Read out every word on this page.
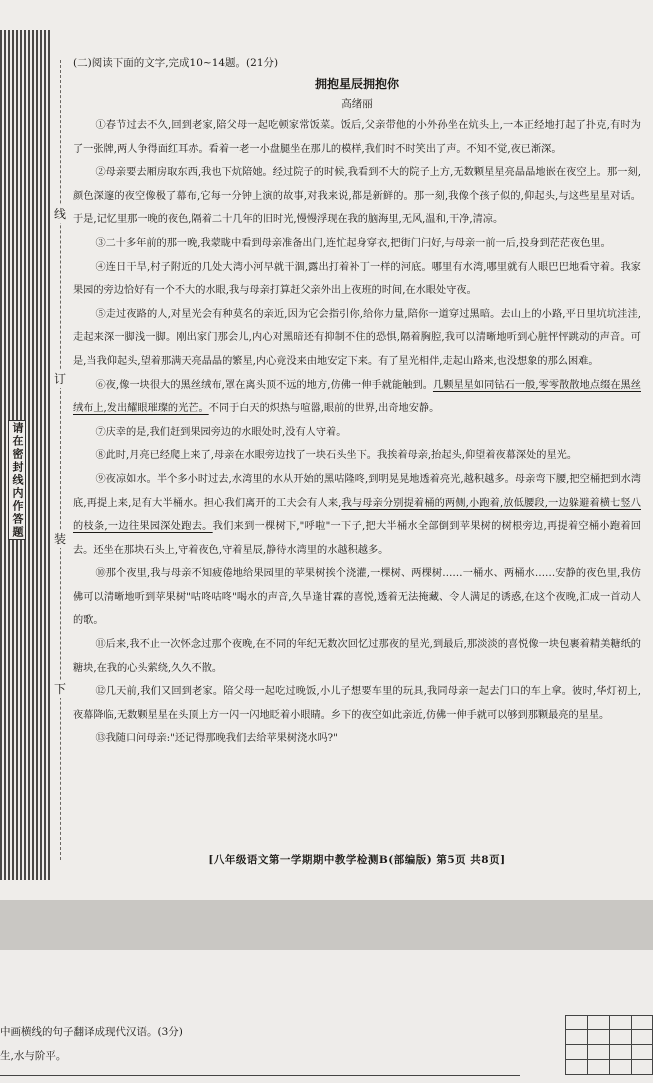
请在密封线内作答题
线
订
装
下
(二)阅读下面的文字,完成10~14题。(21分)
拥抱星辰拥抱你
高绪丽

①春节过去不久,回到老家,陪父母一起吃顿家常饭菜。饭后,父亲带他的小外孙坐在炕头上,一本正经地打起了扑克,有时为了一张牌,两人争得面红耳赤。看着一老一小盘腿坐在那儿的模样,我们时不时笑出了声。不知不觉,夜已渐深。

②母亲要去厢房取东西,我也下炕陪她。经过院子的时候,我看到不大的院子上方,无数颗星星亮晶晶地嵌在夜空上。那一刻,颜色深邃的夜空像极了幕布,它每一分钟上演的故事,对我来说,都是新鲜的。那一刻,我像个孩子似的,仰起头,与这些星星对话。于是,记忆里那一晚的夜色,隔着二十几年的旧时光,慢慢浮现在我的脑海里,无风,温和,干净,清凉。

③二十多年前的那一晚,我蒙眬中看到母亲准备出门,连忙起身穿衣,把街门闩好,与母亲一前一后,投身到茫茫夜色里。

④连日干旱,村子附近的几处大湾小河早就干涸,露出打着补丁一样的河底。哪里有水湾,哪里就有人眼巴巴地看守着。我家果园的旁边恰好有一个不大的水眼,我与母亲打算赶父亲外出上夜班的时间,在水眼处守夜。

⑤走过夜路的人,对星光会有种莫名的亲近,因为它会指引你,给你力量,陪你一道穿过黑暗。去山上的小路,平日里坑坑洼洼,走起来深一脚浅一脚。刚出家门那会儿,内心对黑暗还有抑制不住的恐惧,隔着胸腔,我可以清晰地听到心脏怦怦跳动的声音。可是,当我仰起头,望着那满天亮晶晶的繁星,内心竟没来由地安定下来。有了星光相伴,走起山路来,也没想象的那么困难。

⑥夜,像一块很大的黑丝绒布,罩在离头顶不远的地方,仿佛一伸手就能触到。几颗星星如同钻石一般,零零散散地点缀在黑丝绒布上,发出耀眼璀璨的光芒。不同于白天的炽热与喧嚣,眼前的世界,出奇地安静。

⑦庆幸的是,我们赶到果园旁边的水眼处时,没有人守着。

⑧此时,月亮已经爬上来了,母亲在水眼旁边找了一块石头坐下。我挨着母亲,抬起头,仰望着夜幕深处的星光。

⑨夜凉如水。半个多小时过去,水湾里的水从开始的黑咕隆咚,到明晃晃地透着亮光,越积越多。母亲弯下腰,把空桶把到水湾底,再提上来,足有大半桶水。担心我们离开的工夫会有人来,我与母亲分别提着桶的两侧,小跑着,放低腰段,一边躲避着横七竖八的枝条,一边往果园深处跑去。我们来到一棵树下,"呼啦"一下子,把大半桶水全部倒到苹果树的树根旁边,再提着空桶小跑着回去。还坐在那块石头上,守着夜色,守着星辰,静待水湾里的水越积越多。

⑩那个夜里,我与母亲不知疲倦地给果园里的苹果树挨个浇灌,一棵树、两棵树……一桶水、两桶水……安静的夜色里,我仿佛可以清晰地听到苹果树"咕咚咕咚"喝水的声音,久旱逢甘霖的喜悦,透着无法掩藏、令人满足的诱惑,在这个夜晚,汇成一首动人的歌。

⑪后来,我不止一次怀念过那个夜晚,在不同的年纪无数次回忆过那夜的星光,到最后,那淡淡的喜悦像一块包裹着精美糖纸的糖块,在我的心头萦绕,久久不散。

⑫几天前,我们又回到老家。陪父母一起吃过晚饭,小儿子想要车里的玩具,我同母亲一起去门口的车上拿。彼时,华灯初上,夜幕降临,无数颗星星在头顶上方一闪一闪地眨着小眼睛。乡下的夜空如此亲近,仿佛一伸手就可以够到那颗最亮的星星。

⑬我随口问母亲:"还记得那晚我们去给苹果树浇水吗?"

[八年级语文第一学期期中教学检测B(部编版) 第5页 共8页]
中画横线的句子翻译成现代汉语。(3分)
生,水与阶平。
